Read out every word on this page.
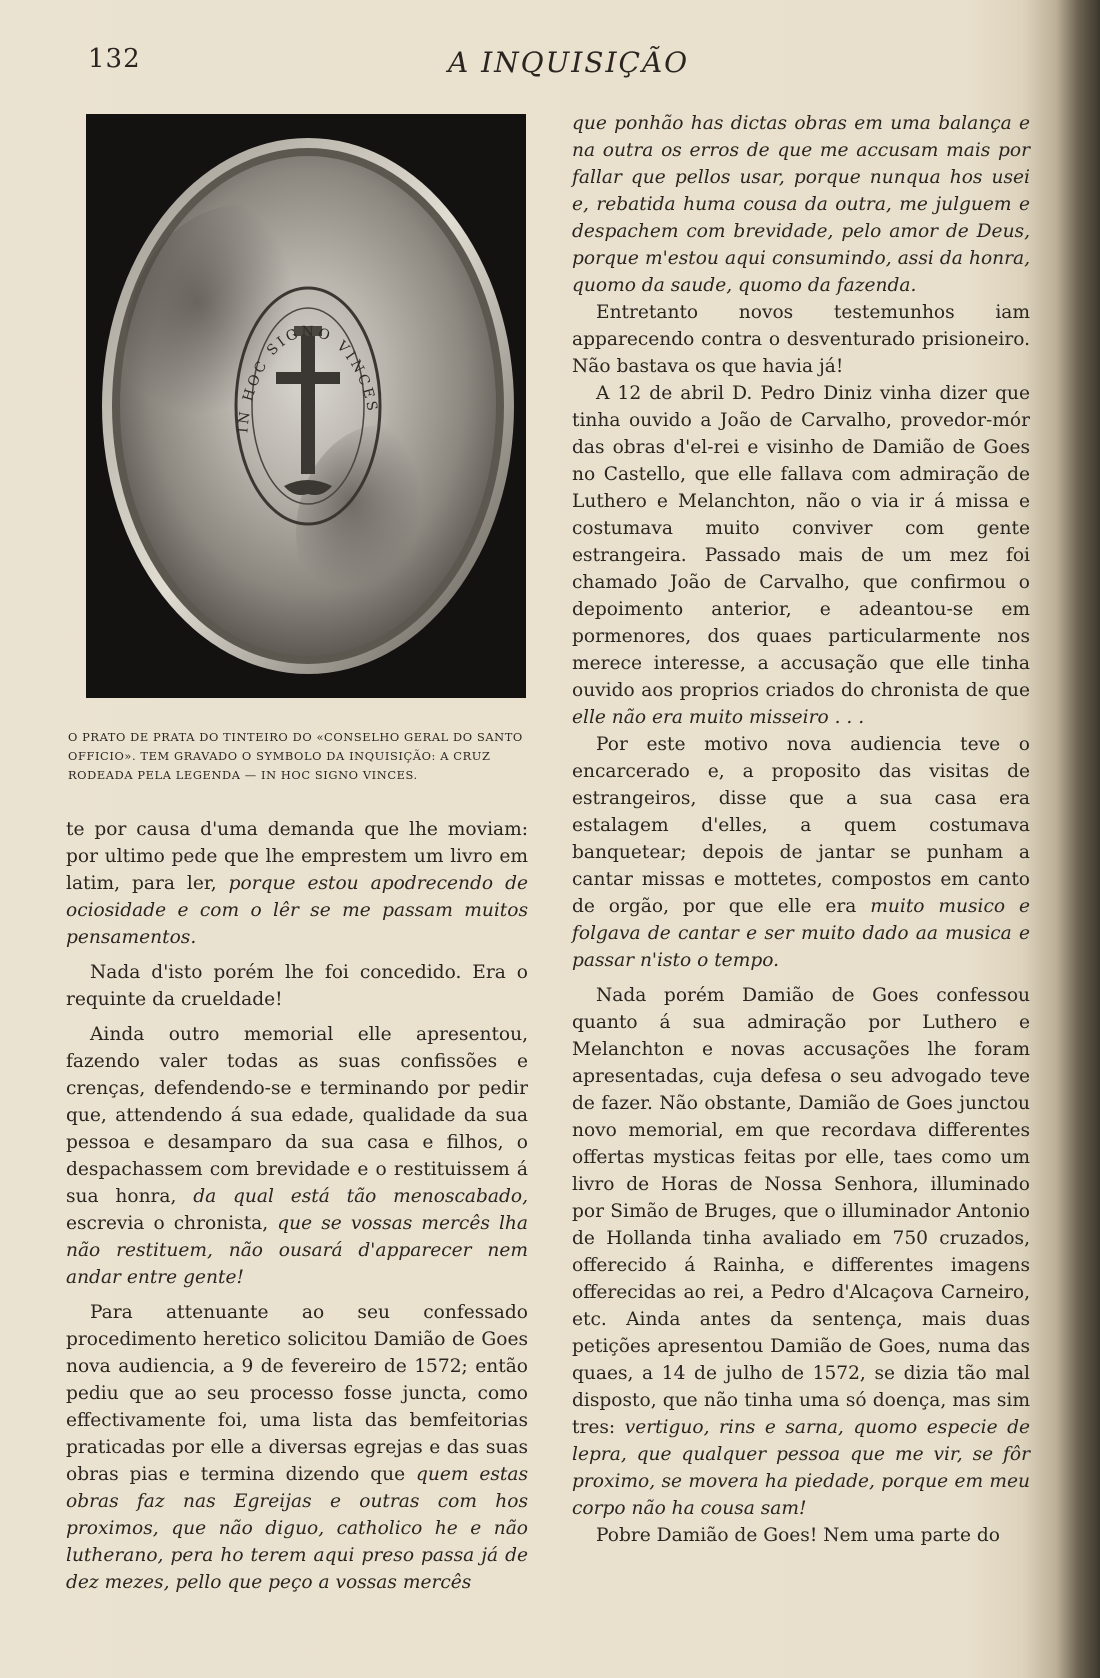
132	A INQUISIÇÃO
IN HOC SIGNO VINCES
O PRATO DE PRATA DO TINTEIRO DO «CONSELHO GERAL DO SANTO OFFICIO». TEM GRAVADO O SYMBOLO DA INQUISIÇÃO: A CRUZ RODEADA PELA LEGENDA — IN HOC SIGNO VINCES.

te por causa d'uma demanda que lhe moviam: por ultimo pede que lhe emprestem um livro em latim, para ler, porque estou apodrecendo de ociosidade e com o lêr se me passam muitos pensamentos.

Nada d'isto porém lhe foi concedido. Era o requinte da crueldade!

Ainda outro memorial elle apresentou, fazendo valer todas as suas confissões e crenças, defendendo-se e terminando por pedir que, attendendo á sua edade, qualidade da sua pessoa e desamparo da sua casa e filhos, o despachassem com brevidade e o restituissem á sua honra, da qual está tão menoscabado, escrevia o chronista, que se vossas mercês lha não restituem, não ousará d'apparecer nem andar entre gente!

Para attenuante ao seu confessado procedimento heretico solicitou Damião de Goes nova audiencia, a 9 de fevereiro de 1572; então pediu que ao seu processo fosse juncta, como effectivamente foi, uma lista das bemfeitorias praticadas por elle a diversas egrejas e das suas obras pias e termina dizendo que quem estas obras faz nas Egreijas e outras com hos proximos, que não diguo, catholico he e não lutherano, pera ho terem aqui preso passa já de dez mezes, pello que peço a vossas mercês

que ponhão has dictas obras em uma balança e na outra os erros de que me accusam mais por fallar que pellos usar, porque nunqua hos usei e, rebatida huma cousa da outra, me julguem e despachem com brevidade, pelo amor de Deus, porque m'estou aqui consumindo, assi da honra, quomo da saude, quomo da fazenda.

Entretanto novos testemunhos iam apparecendo contra o desventurado prisioneiro. Não bastava os que havia já!

A 12 de abril D. Pedro Diniz vinha dizer que tinha ouvido a João de Carvalho, provedor-mór das obras d'el-rei e visinho de Damião de Goes no Castello, que elle fallava com admiração de Luthero e Melanchton, não o via ir á missa e costumava muito conviver com gente estrangeira. Passado mais de um mez foi chamado João de Carvalho, que confirmou o depoimento anterior, e adeantou-se em pormenores, dos quaes particularmente nos merece interesse, a accusação que elle tinha ouvido aos proprios criados do chronista de que elle não era muito misseiro . . .

Por este motivo nova audiencia teve o encarcerado e, a proposito das visitas de estrangeiros, disse que a sua casa era estalagem d'elles, a quem costumava banquetear; depois de jantar se punham a cantar missas e mottetes, compostos em canto de orgão, por que elle era muito musico e folgava de cantar e ser muito dado aa musica e passar n'isto o tempo.

Nada porém Damião de Goes confessou quanto á sua admiração por Luthero e Melanchton e novas accusações lhe foram apresentadas, cuja defesa o seu advogado teve de fazer. Não obstante, Damião de Goes junctou novo memorial, em que recordava differentes offertas mysticas feitas por elle, taes como um livro de Horas de Nossa Senhora, illuminado por Simão de Bruges, que o illuminador Antonio de Hollanda tinha avaliado em 750 cruzados, offerecido á Rainha, e differentes imagens offerecidas ao rei, a Pedro d'Alcaçova Carneiro, etc. Ainda antes da sentença, mais duas petições apresentou Damião de Goes, numa das quaes, a 14 de julho de 1572, se dizia tão mal disposto, que não tinha uma só doença, mas sim tres: vertiguo, rins e sarna, quomo especie de lepra, que qualquer pessoa que me vir, se fôr proximo, se movera ha piedade, porque em meu corpo não ha cousa sam!

Pobre Damião de Goes! Nem uma parte do
